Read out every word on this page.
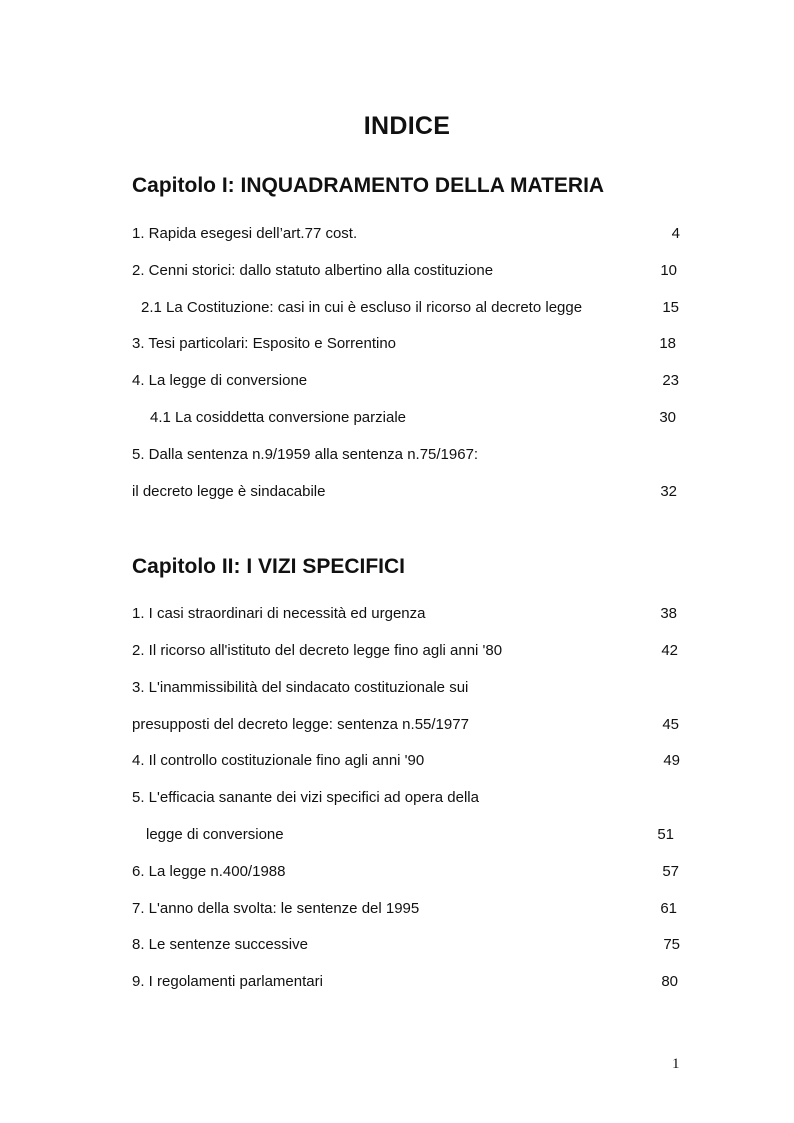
INDICE
Capitolo I: INQUADRAMENTO DELLA MATERIA
1. Rapida esegesi dell’art.77 cost.	4
2. Cenni storici: dallo statuto albertino alla costituzione	10
2.1 La Costituzione: casi in cui è escluso il ricorso al decreto legge	15
3. Tesi particolari: Esposito e Sorrentino	18
4. La legge di conversione	23
4.1 La cosiddetta conversione parziale	30
5. Dalla sentenza n.9/1959 alla sentenza n.75/1967:
il decreto legge è sindacabile	32
Capitolo II: I VIZI SPECIFICI
1. I casi straordinari di necessità ed urgenza	38
2. Il ricorso all'istituto del decreto legge fino agli anni '80	42
3. L'inammissibilità del sindacato costituzionale sui
presupposti del decreto legge: sentenza n.55/1977	45
4. Il controllo costituzionale fino agli anni '90	49
5. L'efficacia sanante dei vizi specifici ad opera della
legge di conversione	51
6. La legge n.400/1988	57
7. L'anno della svolta: le sentenze del 1995	61
8. Le sentenze successive	75
9. I regolamenti parlamentari	80
1
